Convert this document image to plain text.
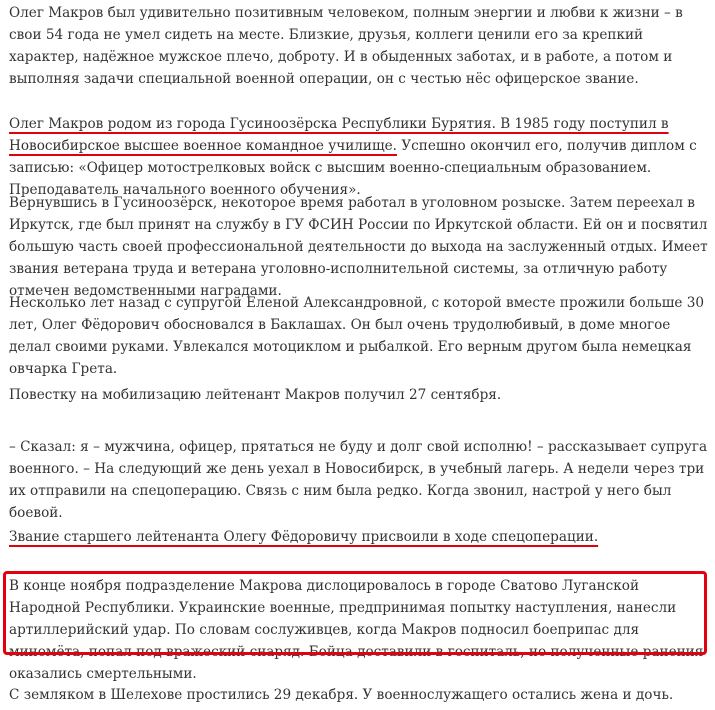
Олег Макров был удивительно позитивным человеком, полным энергии и любви к жизни – в свои 54 года не умел сидеть на месте. Близкие, друзья, коллеги ценили его за крепкий характер, надёжное мужское плечо, доброту. И в обыденных заботах, и в работе, а потом и выполняя задачи специальной военной операции, он с честью нёс офицерское звание.

Олег Макров родом из города Гусиноозёрска Республики Бурятия. В 1985 году поступил в Новосибирское высшее военное командное училище. Успешно окончил его, получив диплом с записью: «Офицер мотострелковых войск с высшим военно-специальным образованием. Преподаватель начального военного обучения».

Вернувшись в Гусиноозёрск, некоторое время работал в уголовном розыске. Затем переехал в Иркутск, где был принят на службу в ГУ ФСИН России по Иркутской области. Ей он и посвятил большую часть своей профессиональной деятельности до выхода на заслуженный отдых. Имеет звания ветерана труда и ветерана уголовно-исполнительной системы, за отличную работу отмечен ведомственными наградами.

Несколько лет назад с супругой Еленой Александровной, с которой вместе прожили больше 30 лет, Олег Фёдорович обосновался в Баклашах. Он был очень трудолюбивый, в доме многое делал своими руками. Увлекался мотоциклом и рыбалкой. Его верным другом была немецкая овчарка Грета.

Повестку на мобилизацию лейтенант Макров получил 27 сентября.

– Сказал: я – мужчина, офицер, прятаться не буду и долг свой исполню! – рассказывает супруга военного. – На следующий же день уехал в Новосибирск, в учебный лагерь. А недели через три их отправили на спецоперацию. Связь с ним была редко. Когда звонил, настрой у него был боевой.

Звание старшего лейтенанта Олегу Фёдоровичу присвоили в ходе спецоперации.

В конце ноября подразделение Макрова дислоцировалось в городе Сватово Луганской Народной Республики. Украинские военные, предпринимая попытку наступления, нанесли артиллерийский удар. По словам сослуживцев, когда Макров подносил боеприпас для миномёта, попал под вражеский снаряд. Бойца доставили в госпиталь, но полученные ранения оказались смертельными.

С земляком в Шелехове простились 29 декабря. У военнослужащего остались жена и дочь.
